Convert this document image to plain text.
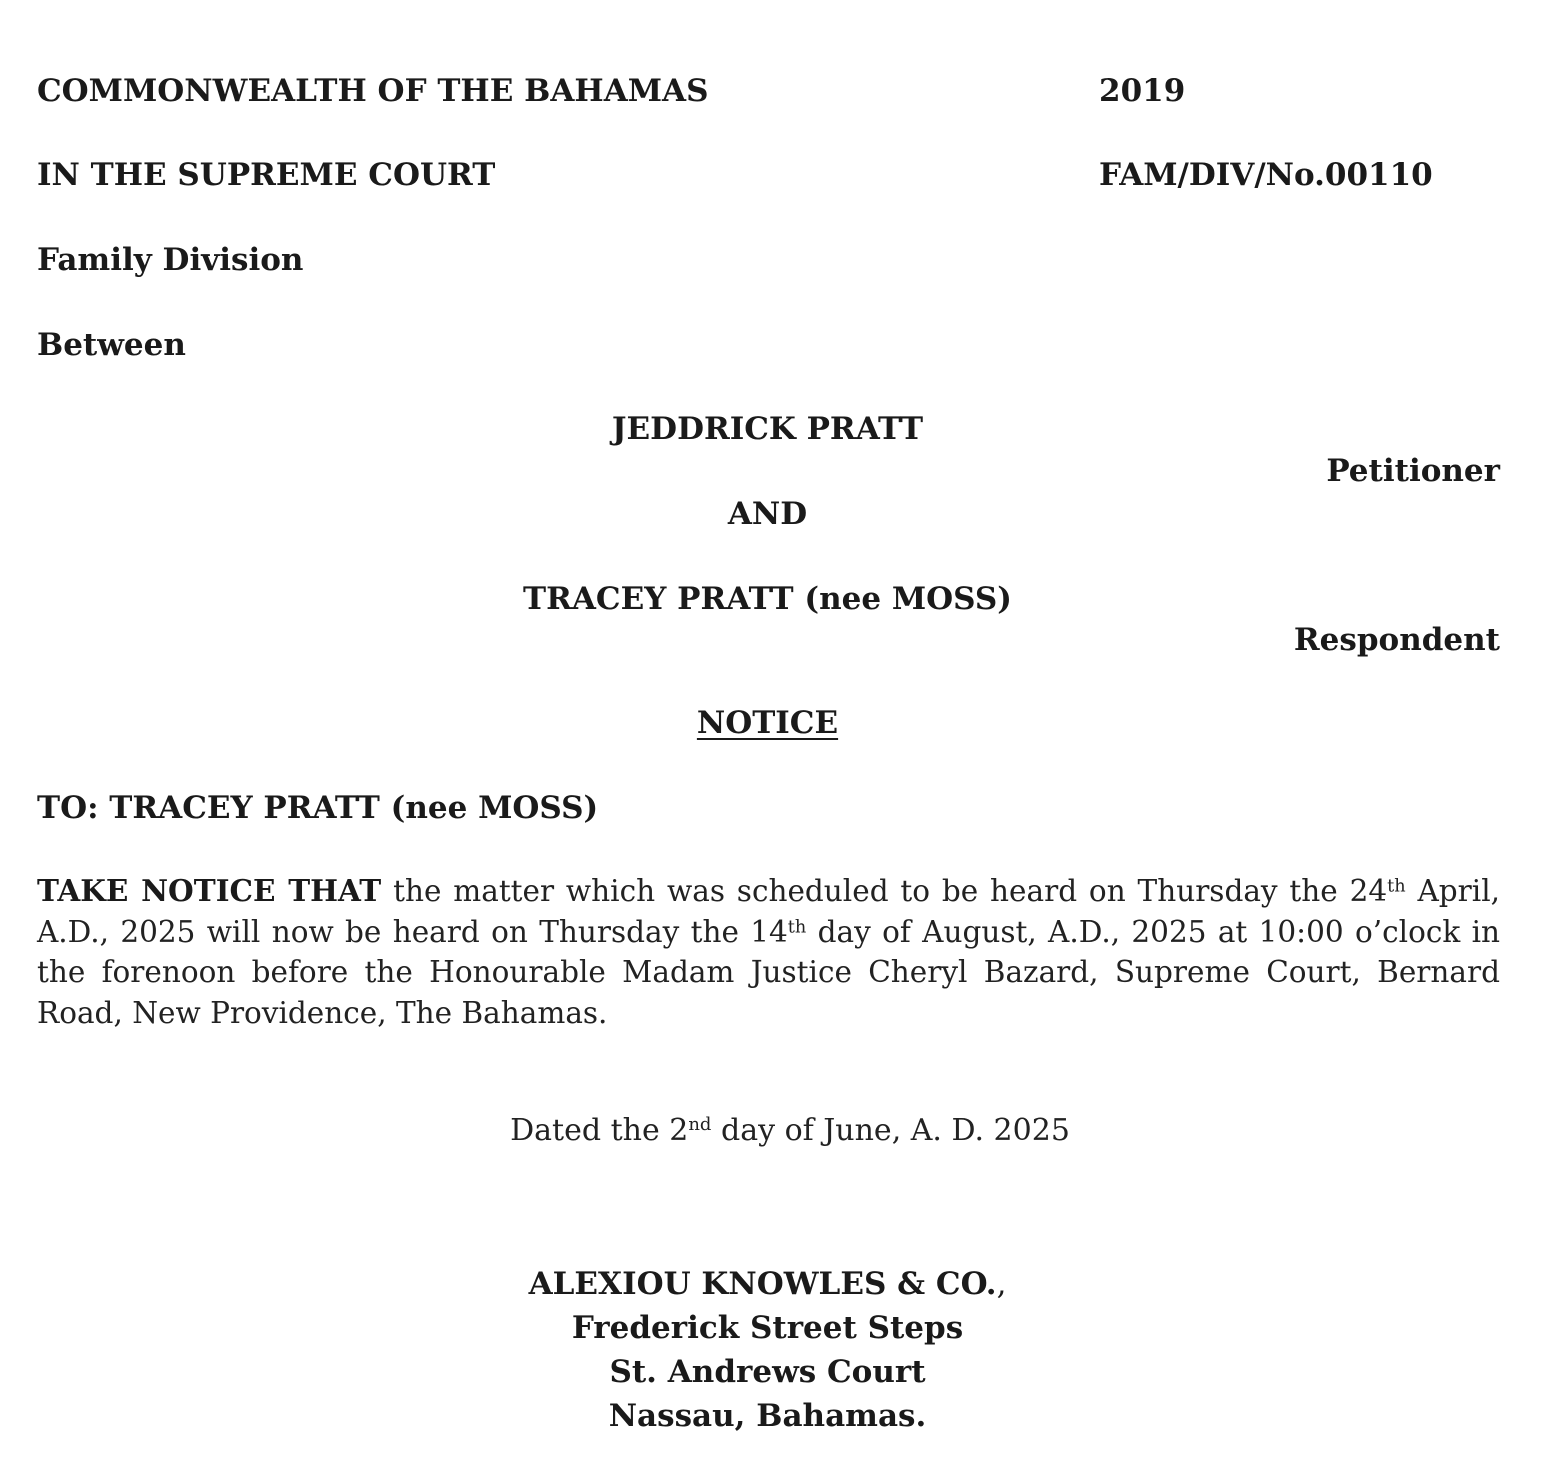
COMMONWEALTH OF THE BAHAMAS	2019
IN THE SUPREME COURT	FAM/DIV/No.00110
Family Division
Between
JEDDRICK PRATT
Petitioner
AND
TRACEY PRATT (nee MOSS)
Respondent
NOTICE
TO: TRACEY PRATT (nee MOSS)
TAKE NOTICE THAT the matter which was scheduled to be heard on Thursday the 24th April, A.D., 2025 will now be heard on Thursday the 14th day of August, A.D., 2025 at 10:00 o’clock in the forenoon before the Honourable Madam Justice Cheryl Bazard, Supreme Court, Bernard Road, New Providence, The Bahamas.
Dated the 2nd day of June, A. D. 2025
ALEXIOU KNOWLES & CO.,
Frederick Street Steps
St. Andrews Court
Nassau, Bahamas.
